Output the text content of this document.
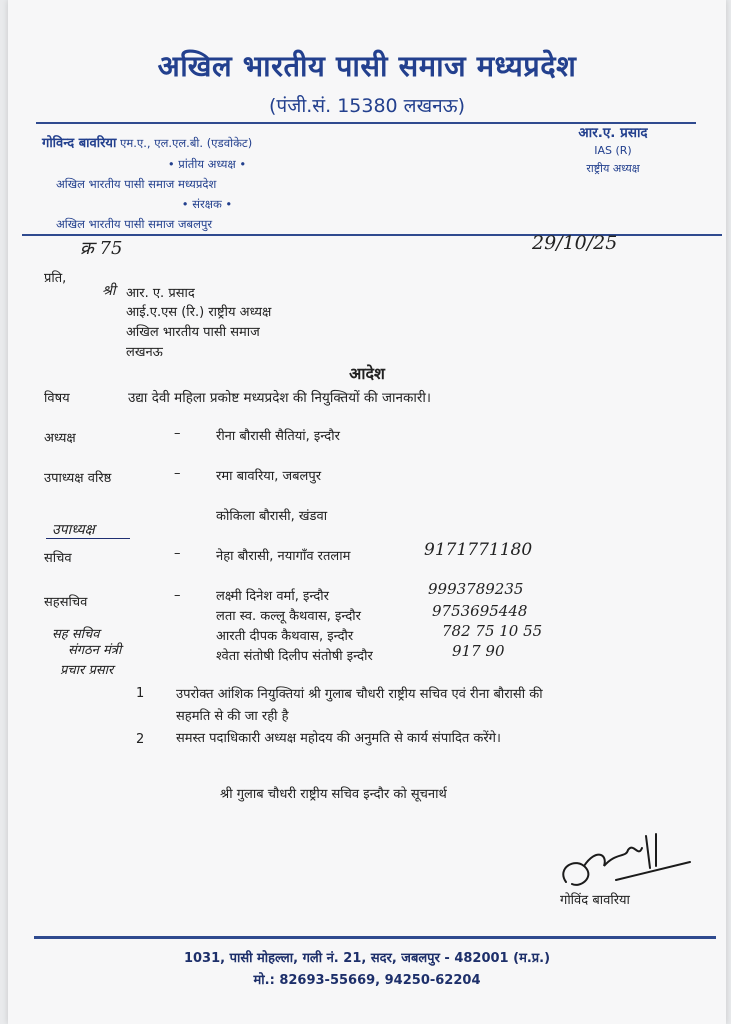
अखिल भारतीय पासी समाज मध्यप्रदेश
(पंजी.सं. 15380 लखनऊ)
गोविन्द बावरिया एम.ए., एल.एल.बी. (एडवोकेट)
• प्रांतीय अध्यक्ष •
अखिल भारतीय पासी समाज मध्यप्रदेश
• संरक्षक •
अखिल भारतीय पासी समाज जबलपुर
आर.ए. प्रसाद
IAS (R)
राष्ट्रीय अध्यक्ष
क्र 75	29/10/25
प्रति,
श्री आर. ए. प्रसाद
आई.ए.एस (रि.) राष्ट्रीय अध्यक्ष
अखिल भारतीय पासी समाज
लखनऊ
आदेश
विषय	उद्या देवी महिला प्रकोष्ट मध्यप्रदेश की नियुक्तियों की जानकारी।
अध्यक्ष	–	रीना बौरासी सैतियां, इन्दौर
उपाध्यक्ष वरिष्ठ	–	रमा बावरिया, जबलपुर
कोकिला बौरासी, खंडवा
उपाध्यक्ष
सचिव	–	नेहा बौरासी, नयागाँव रतलाम	9171771180
सहसचिव	–	लक्ष्मी दिनेश वर्मा, इन्दौर	9993789235
लता स्व. कल्लू कैथवास, इन्दौर	9753695448
आरती दीपक कैथवास, इन्दौर	782 75 10 55
श्वेता संतोषी दिलीप संतोषी इन्दौर	917 90
सह सचिव
संगठन मंत्री
प्रचार प्रसार
1 उपरोक्त आंशिक नियुक्तियां श्री गुलाब चौधरी राष्ट्रीय सचिव एवं रीना बौरासी की
सहमति से की जा रही है
2 समस्त पदाधिकारी अध्यक्ष महोदय की अनुमति से कार्य संपादित करेंगे।
श्री गुलाब चौधरी राष्ट्रीय सचिव इन्दौर को सूचनार्थ
गोविंद बावरिया
1031, पासी मोहल्ला, गली नं. 21, सदर, जबलपुर - 482001 (म.प्र.)
मो.: 82693-55669, 94250-62204
